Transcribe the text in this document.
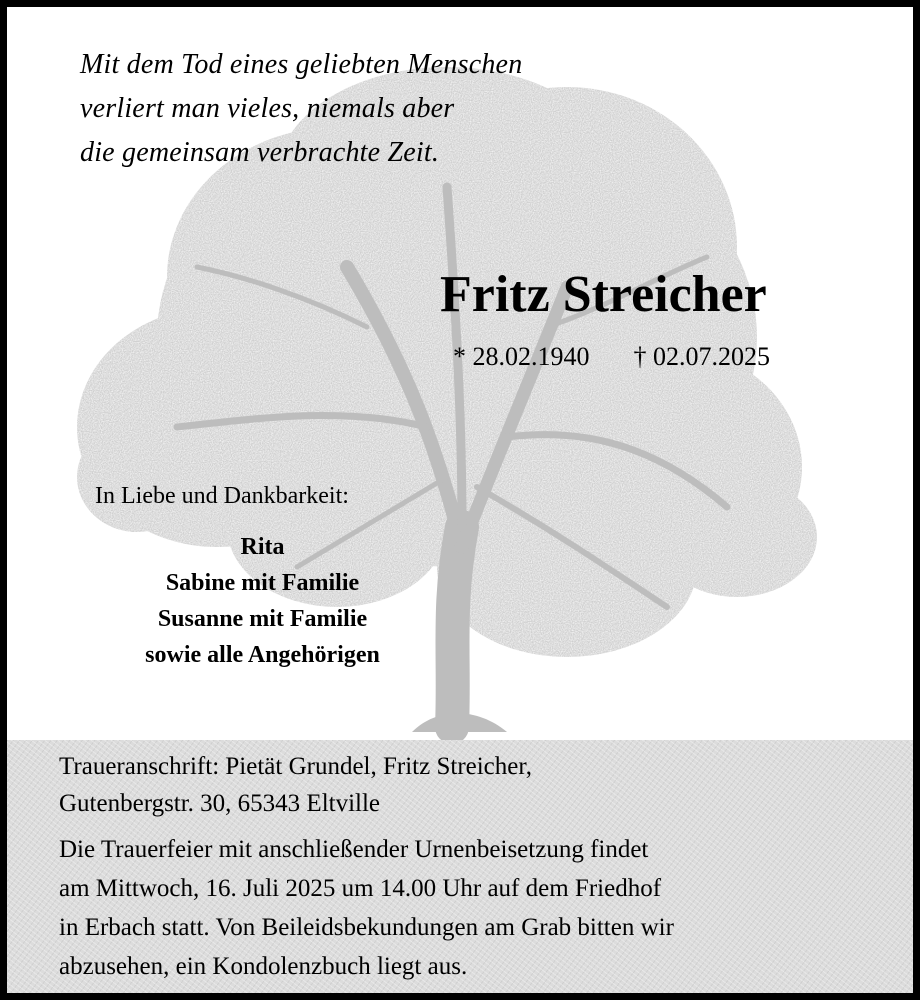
Mit dem Tod eines geliebten Menschen
verliert man vieles, niemals aber
die gemeinsam verbrachte Zeit.
Fritz Streicher
* 28.02.1940 † 02.07.2025
In Liebe und Dankbarkeit:
Rita
Sabine mit Familie
Susanne mit Familie
sowie alle Angehörigen
Traueranschrift: Pietät Grundel, Fritz Streicher,
Gutenbergstr. 30, 65343 Eltville
Die Trauerfeier mit anschließender Urnenbeisetzung findet
am Mittwoch, 16. Juli 2025 um 14.00 Uhr auf dem Friedhof
in Erbach statt. Von Beileidsbekundungen am Grab bitten wir
abzusehen, ein Kondolenzbuch liegt aus.
